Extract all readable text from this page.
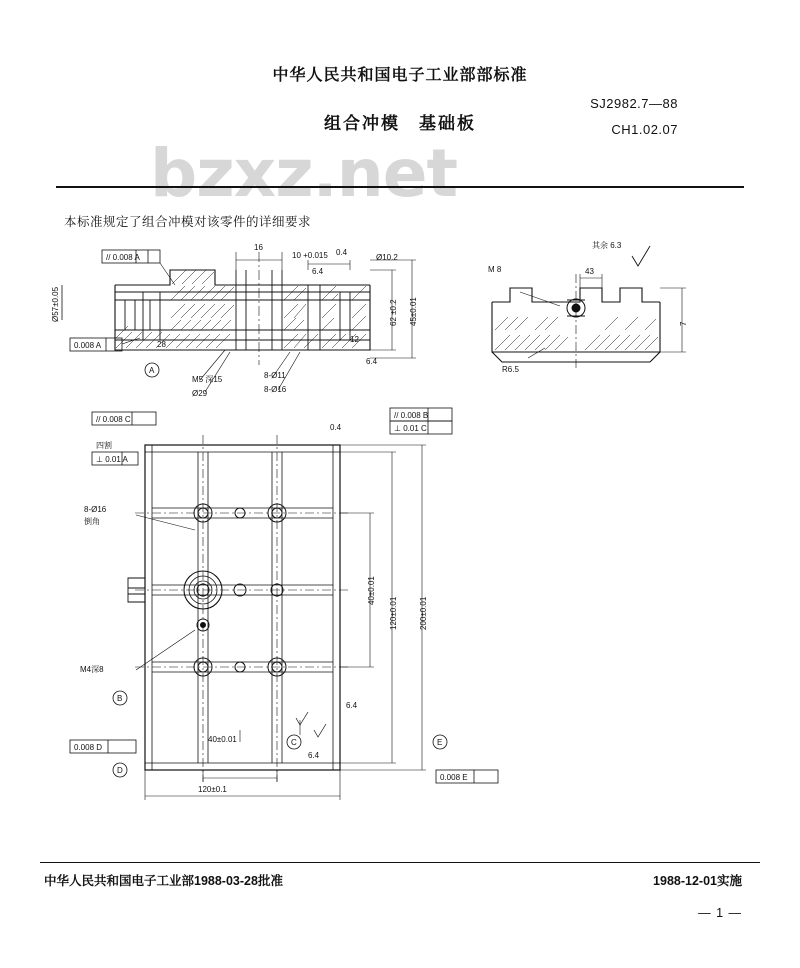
中华人民共和国电子工业部部标准
组合冲模　基础板
SJ2982.7—88
CH1.02.07
bzxz.net
本标准规定了组合冲模对该零件的详细要求
// 0.008 A
0.008 A
Ø57±0.05
M5 深15
Ø29
8-Ø11
8-Ø16
28
16
10 +0.015 0.4
6.4
Ø10.2
45±0.01
62 ±0.2
12
6.4
A
M 8
其余 6.3
43
7
R6.5
// 0.008 C	// 0.008 B
⊥ 0.01 C
0.4
四割
⊥ 0.01 A
8-Ø16
倒角
M4深8
B
D
C	E
0.008 D
0.008 E
40±0.01
120±0.1
40±0.01
120±0.01	200±0.01
6.4
6.4
中华人民共和国电子工业部1988-03-28批准	1988-12-01实施
— 1 —
